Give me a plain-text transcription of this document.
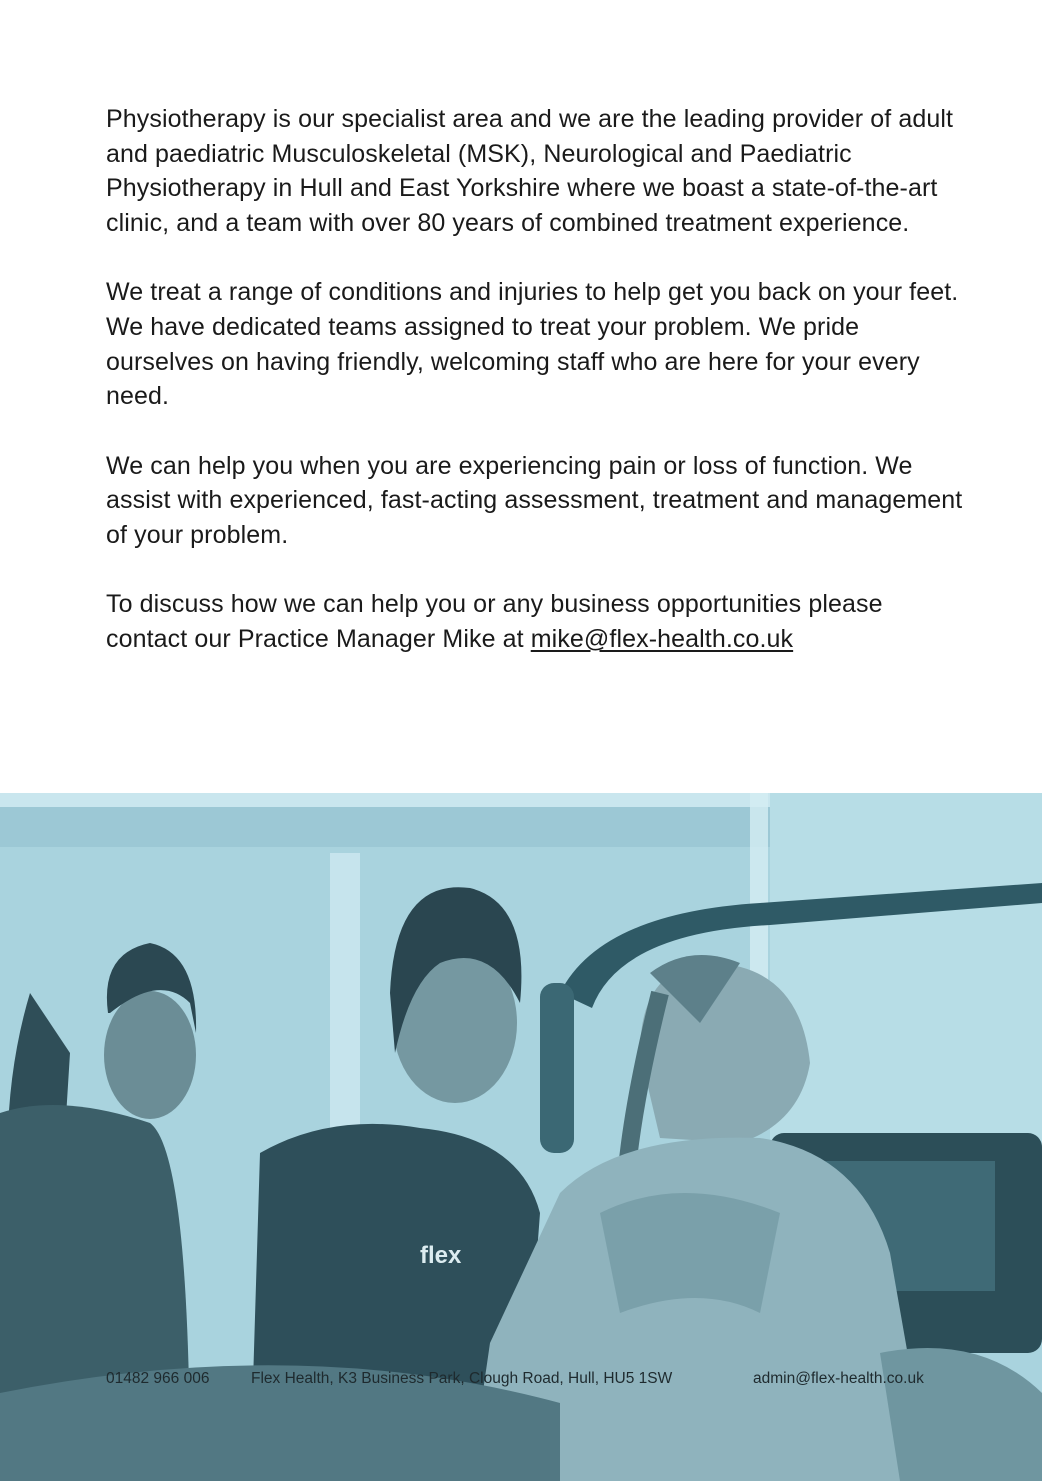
Physiotherapy is our specialist area and we are the leading provider of adult and paediatric Musculoskeletal (MSK), Neurological and Paediatric Physiotherapy in Hull and East Yorkshire where we boast a state-of-the-art clinic, and a team with over 80 years of combined treatment experience.

We treat a range of conditions and injuries to help get you back on your feet. We have dedicated teams assigned to treat your problem. We pride ourselves on having friendly, welcoming staff who are here for your every need.

We can help you when you are experiencing pain or loss of function. We assist with experienced, fast-acting assessment, treatment and management of your problem.

To discuss how we can help you or any business opportunities please contact our Practice Manager Mike at mike@flex-health.co.uk

flex
01482 966 006	Flex Health, K3 Business Park, Clough Road, Hull, HU5 1SW	admin@flex-health.co.uk
